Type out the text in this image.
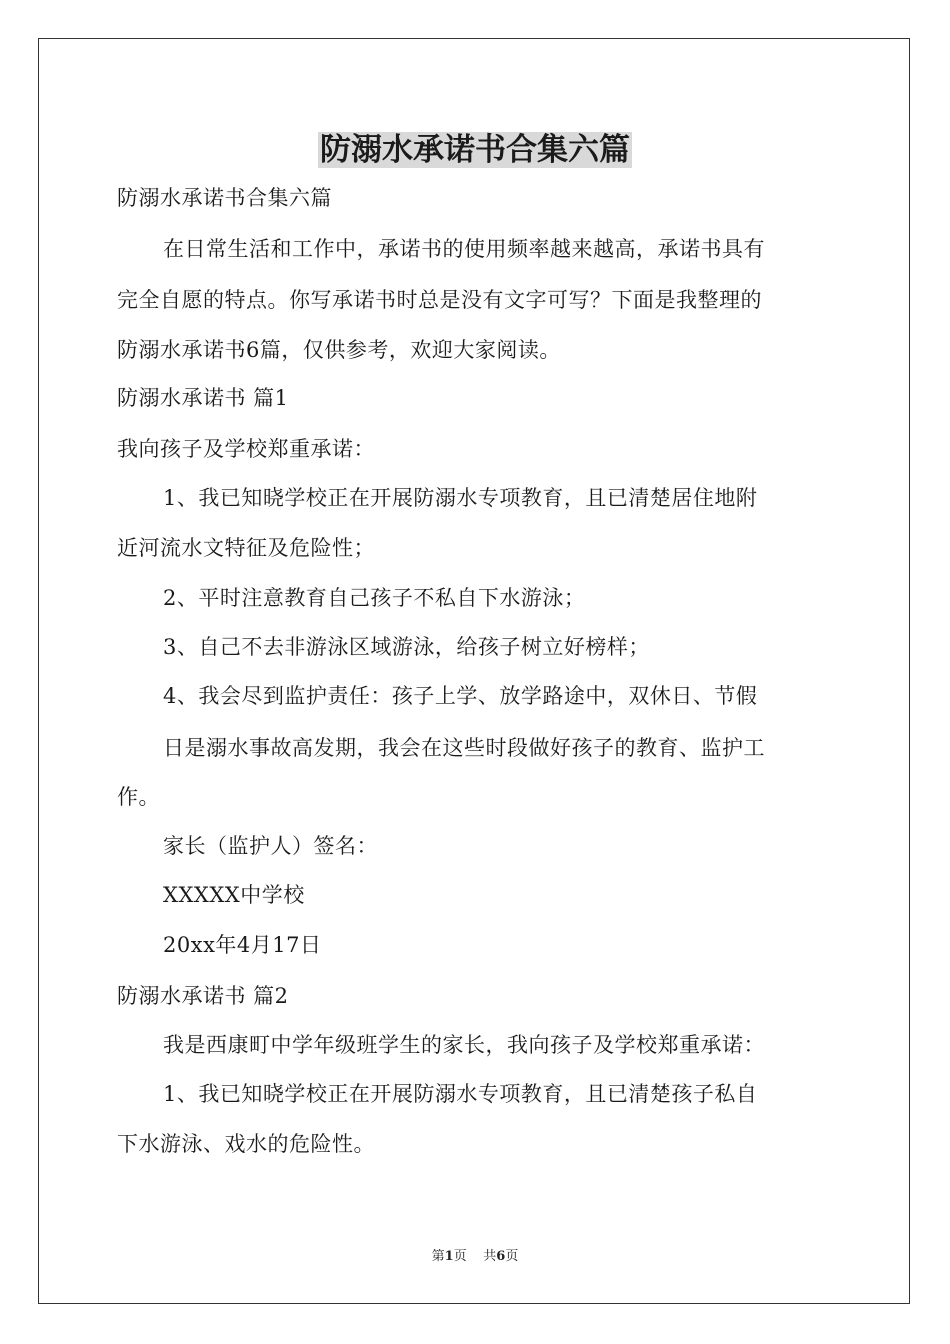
防溺水承诺书合集六篇

防溺水承诺书合集六篇

在日常生活和工作中，承诺书的使用频率越来越高，承诺书具有

完全自愿的特点。你写承诺书时总是没有文字可写？下面是我整理的

防溺水承诺书6篇，仅供参考，欢迎大家阅读。

防溺水承诺书 篇1

我向孩子及学校郑重承诺：

1、我已知晓学校正在开展防溺水专项教育，且已清楚居住地附

近河流水文特征及危险性；

2、平时注意教育自己孩子不私自下水游泳；

3、自己不去非游泳区域游泳，给孩子树立好榜样；

4、我会尽到监护责任：孩子上学、放学路途中，双休日、节假

日是溺水事故高发期，我会在这些时段做好孩子的教育、监护工

作。

家长（监护人）签名：

XXXXX中学校

20xx年4月17日

防溺水承诺书 篇2

我是西康町中学年级班学生的家长，我向孩子及学校郑重承诺：

1、我已知晓学校正在开展防溺水专项教育，且已清楚孩子私自

下水游泳、戏水的危险性。

第1页 共6页
